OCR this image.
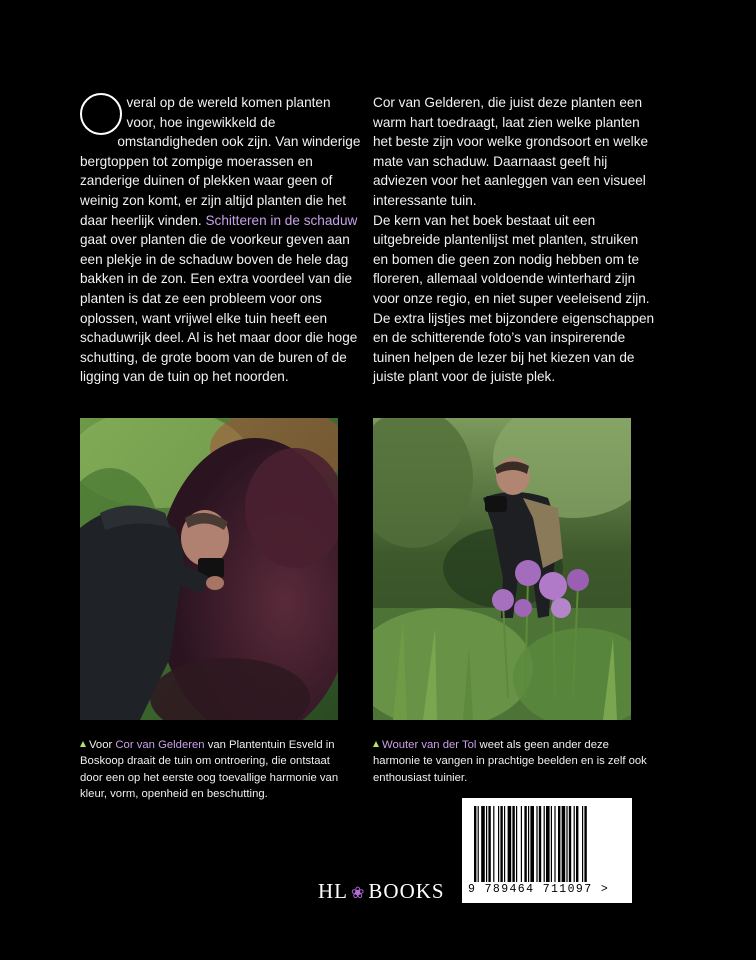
veral op de wereld komen planten voor, hoe ingewikkeld de omstandigheden ook zijn. Van winderige bergtoppen tot zompige moerassen en zanderige duinen of plekken waar geen of weinig zon komt, er zijn altijd planten die het daar heerlijk vinden. Schitteren in de schaduw gaat over planten die de voorkeur geven aan een plekje in de schaduw boven de hele dag bakken in de zon. Een extra voordeel van die planten is dat ze een probleem voor ons oplossen, want vrijwel elke tuin heeft een schaduwrijk deel. Al is het maar door die hoge schutting, de grote boom van de buren of de ligging van de tuin op het noorden.

Cor van Gelderen, die juist deze planten een warm hart toedraagt, laat zien welke planten het beste zijn voor welke grondsoort en welke mate van schaduw. Daarnaast geeft hij adviezen voor het aanleggen van een visueel interessante tuin.

De kern van het boek bestaat uit een uitgebreide plantenlijst met planten, struiken en bomen die geen zon nodig hebben om te floreren, allemaal voldoende winterhard zijn voor onze regio, en niet super veeleisend zijn.

De extra lijstjes met bijzondere eigenschappen en de schitterende foto’s van inspirerende tuinen helpen de lezer bij het kiezen van de juiste plant voor de juiste plek.

Voor Cor van Gelderen van Plantentuin Esveld in Boskoop draait de tuin om ontroering, die ontstaat door een op het eerste oog toevallige harmonie van kleur, vorm, openheid en beschutting.
Wouter van der Tol weet als geen ander deze harmonie te vangen in prachtige beelden en is zelf ook enthousiast tuinier.
HL ❀ BOOKS 9 789464 711097 >
